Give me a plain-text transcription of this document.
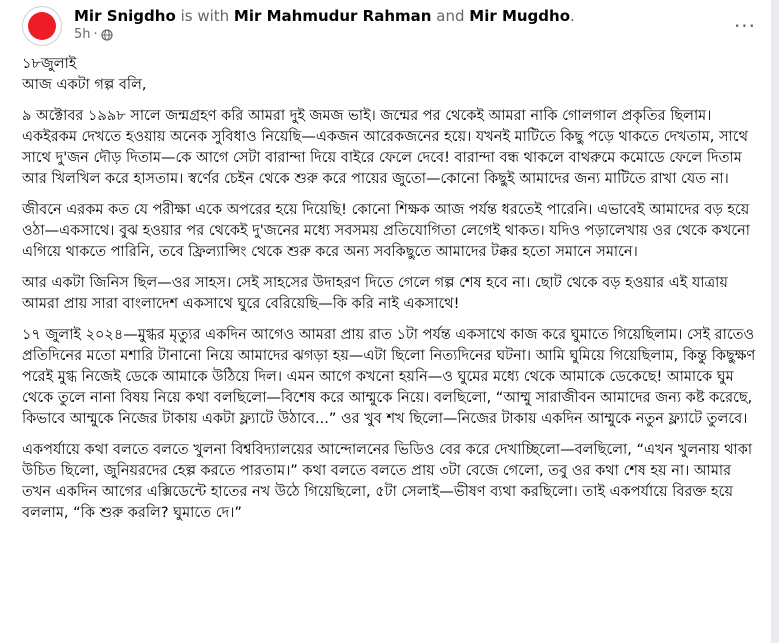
Mir Snigdho is with Mir Mahmudur Rahman and Mir Mugdho.
5h ·	···

১৮জুলাই

আজ একটা গল্প বলি,

৯ অক্টোবর ১৯৯৮ সালে জন্মগ্রহণ করি আমরা দুই জমজ ভাই। জন্মের পর থেকেই আমরা নাকি গোলগাল প্রকৃতির ছিলাম। একইরকম দেখতে হওয়ায় অনেক সুবিধাও নিয়েছি—একজন আরেকজনের হয়ে। যখনই মাটিতে কিছু পড়ে থাকতে দেখতাম, সাথে সাথে দু'জন দৌড় দিতাম—কে আগে সেটা বারান্দা দিয়ে বাইরে ফেলে দেবে! বারান্দা বন্ধ থাকলে বাথরুমে কমোডে ফেলে দিতাম আর খিলখিল করে হাসতাম। স্বর্ণের চেইন থেকে শুরু করে পায়ের জুতো—কোনো কিছুই আমাদের জন্য মাটিতে রাখা যেত না।

জীবনে এরকম কত যে পরীক্ষা একে অপরের হয়ে দিয়েছি! কোনো শিক্ষক আজ পর্যন্ত ধরতেই পারেনি। এভাবেই আমাদের বড় হয়ে ওঠা—একসাথে। বুঝ হওয়ার পর থেকেই দু'জনের মধ্যে সবসময় প্রতিযোগিতা লেগেই থাকত। যদিও পড়ালেখায় ওর থেকে কখনো এগিয়ে থাকতে পারিনি, তবে ফ্রিল্যান্সিং থেকে শুরু করে অন্য সবকিছুতে আমাদের টক্কর হতো সমানে সমানে।

আর একটা জিনিস ছিল—ওর সাহস। সেই সাহসের উদাহরণ দিতে গেলে গল্প শেষ হবে না। ছোট থেকে বড় হওয়ার এই যাত্রায় আমরা প্রায় সারা বাংলাদেশ একসাথে ঘুরে বেরিয়েছি—কি করি নাই একসাথে!

১৭ জুলাই ২০২৪—মুগ্ধর মৃত্যুর একদিন আগেও আমরা প্রায় রাত ১টা পর্যন্ত একসাথে কাজ করে ঘুমাতে গিয়েছিলাম। সেই রাতেও প্রতিদিনের মতো মশারি টানানো নিয়ে আমাদের ঝগড়া হয়—এটা ছিলো নিত্যদিনের ঘটনা। আমি ঘুমিয়ে গিয়েছিলাম, কিন্তু কিছুক্ষণ পরেই মুগ্ধ নিজেই ডেকে আমাকে উঠিয়ে দিল। এমন আগে কখনো হয়নি—ও ঘুমের মধ্যে থেকে আমাকে ডেকেছে! আমাকে ঘুম থেকে তুলে নানা বিষয় নিয়ে কথা বলছিলো—বিশেষ করে আম্মুকে নিয়ে। বলছিলো, “আম্মু সারাজীবন আমাদের জন্য কষ্ট করেছে, কিভাবে আম্মুকে নিজের টাকায় একটা ফ্ল্যাটে উঠাবে...” ওর খুব শখ ছিলো—নিজের টাকায় একদিন আম্মুকে নতুন ফ্ল্যাটে তুলবে।

একপর্যায়ে কথা বলতে বলতে খুলনা বিশ্ববিদ্যালয়ের আন্দোলনের ভিডিও বের করে দেখাচ্ছিলো—বলছিলো, “এখন খুলনায় থাকা উচিত ছিলো, জুনিয়রদের হেল্প করতে পারতাম।” কথা বলতে বলতে প্রায় ৩টা বেজে গেলো, তবু ওর কথা শেষ হয় না। আমার তখন একদিন আগের এক্সিডেন্টে হাতের নখ উঠে গিয়েছিলো, ৫টা সেলাই—ভীষণ ব্যথা করছিলো। তাই একপর্যায়ে বিরক্ত হয়ে বললাম, “কি শুরু করলি? ঘুমাতে দে।”
